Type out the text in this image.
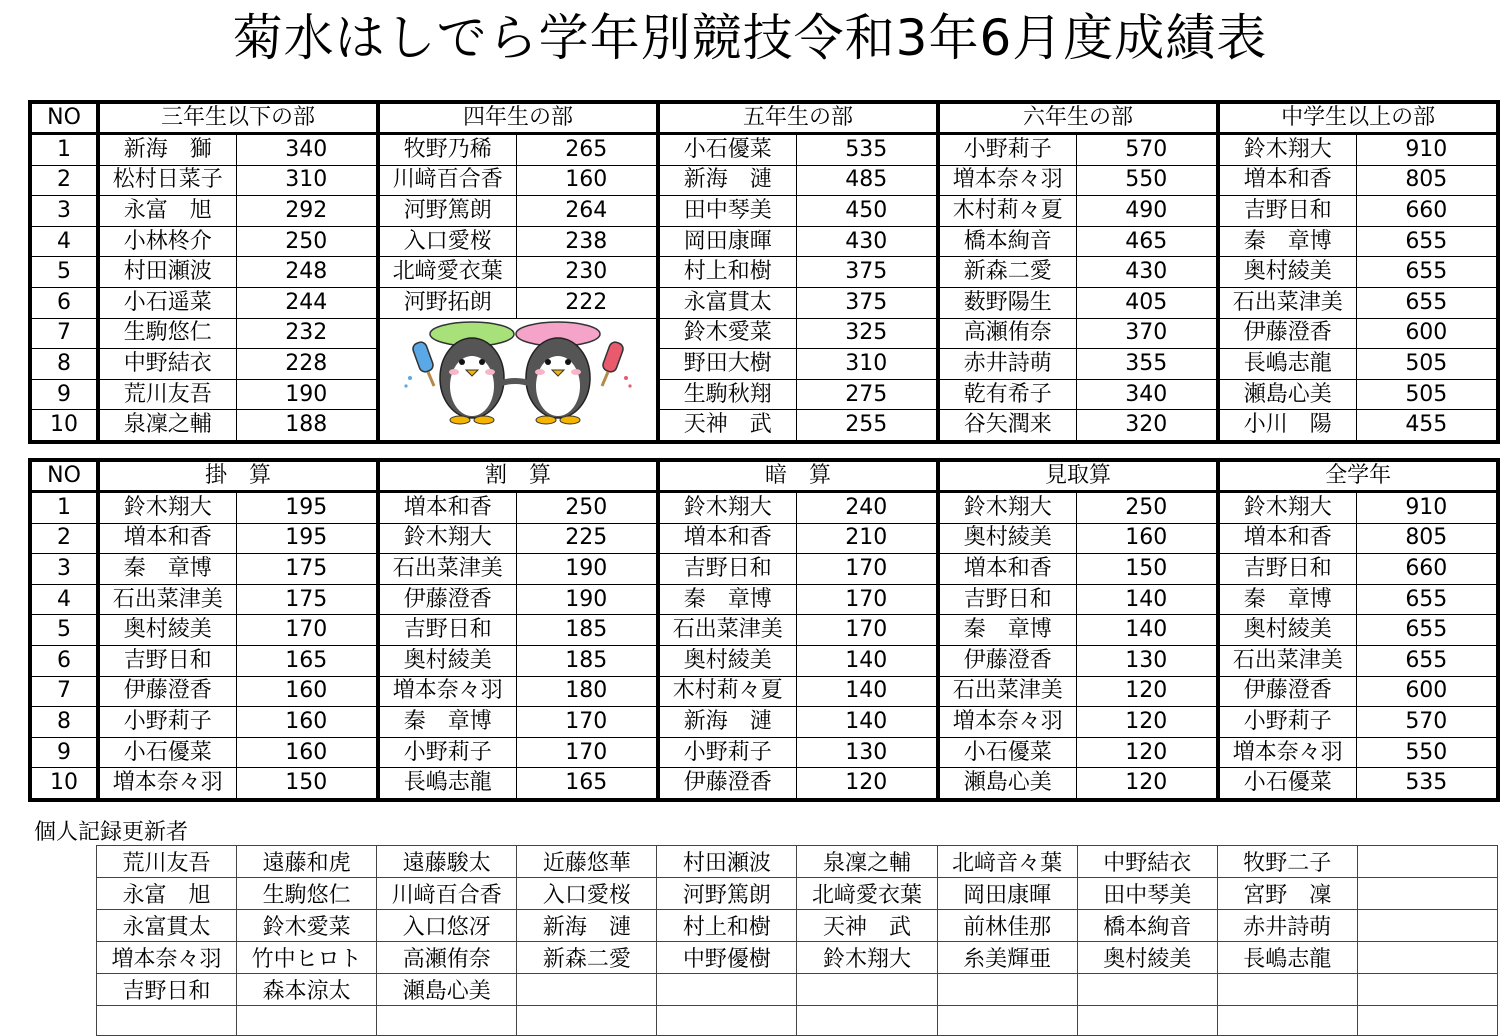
菊水はしでら学年別競技令和3年6月度成績表
NO	三年生以下の部		四年生の部		五年生の部		六年生の部		中学生以上の部	
1	新海　獅	340	牧野乃稀	265	小石優菜	535	小野莉子	570	鈴木翔大	910
2	松村日菜子	310	川﨑百合香	160	新海　漣	485	増本奈々羽	550	増本和香	805
3	永富　旭	292	河野篤朗	264	田中琴美	450	木村莉々夏	490	吉野日和	660
4	小林柊介	250	入口愛桜	238	岡田康暉	430	橋本絢音	465	秦　章博	655
5	村田瀬波	248	北﨑愛衣葉	230	村上和樹	375	新森二愛	430	奥村綾美	655
6	小石遥菜	244	河野拓朗	222	永富貫太	375	薮野陽生	405	石出菜津美	655
7	生駒悠仁	232			鈴木愛菜	325	高瀬侑奈	370	伊藤澄香	600
8	中野結衣	228			野田大樹	310	赤井詩萌	355	長嶋志龍	505
9	荒川友吾	190			生駒秋翔	275	乾有希子	340	瀬島心美	505
10	泉凜之輔	188			天神　武	255	谷矢潤来	320	小川　陽	455
NO	掛　算		割　算		暗　算		見取算		全学年	
1	鈴木翔大	195	増本和香	250	鈴木翔大	240	鈴木翔大	250	鈴木翔大	910
2	増本和香	195	鈴木翔大	225	増本和香	210	奥村綾美	160	増本和香	805
3	秦　章博	175	石出菜津美	190	吉野日和	170	増本和香	150	吉野日和	660
4	石出菜津美	175	伊藤澄香	190	秦　章博	170	吉野日和	140	秦　章博	655
5	奥村綾美	170	吉野日和	185	石出菜津美	170	秦　章博	140	奥村綾美	655
6	吉野日和	165	奥村綾美	185	奥村綾美	140	伊藤澄香	130	石出菜津美	655
7	伊藤澄香	160	増本奈々羽	180	木村莉々夏	140	石出菜津美	120	伊藤澄香	600
8	小野莉子	160	秦　章博	170	新海　漣	140	増本奈々羽	120	小野莉子	570
9	小石優菜	160	小野莉子	170	小野莉子	130	小石優菜	120	増本奈々羽	550
10	増本奈々羽	150	長嶋志龍	165	伊藤澄香	120	瀬島心美	120	小石優菜	535
個人記録更新者
荒川友吾	遠藤和虎	遠藤駿太	近藤悠華	村田瀬波	泉凜之輔	北﨑音々葉	中野結衣	牧野二子	
永富　旭	生駒悠仁	川﨑百合香	入口愛桜	河野篤朗	北﨑愛衣葉	岡田康暉	田中琴美	宮野　凜	
永富貫太	鈴木愛菜	入口悠冴	新海　漣	村上和樹	天神　武	前林佳那	橋本絢音	赤井詩萌	
増本奈々羽	竹中ヒロト	高瀬侑奈	新森二愛	中野優樹	鈴木翔大	糸美輝亜	奥村綾美	長嶋志龍	
吉野日和	森本涼太	瀬島心美							
